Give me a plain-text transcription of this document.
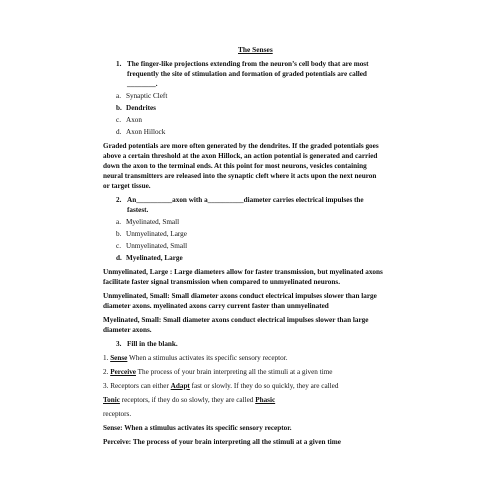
The Senses
1. The finger-like projections extending from the neuron’s cell body that are most
frequently the site of stimulation and formation of graded potentials are called
________.
a. Synaptic Cleft
b. Dendrites
c. Axon
d. Axon Hillock
Graded potentials are more often generated by the dendrites. If the graded potentials goes
above a certain threshold at the axon Hillock, an action potential is generated and carried
down the axon to the terminal ends. At this point for most neurons, vesicles containing
neural transmitters are released into the synaptic cleft where it acts upon the next neuron
or target tissue.
2. An__________axon with a__________diameter carries electrical impulses the
fastest.
a. Myelinated, Small
b. Unmyelinated, Large
c. Unmyelinated, Small
d. Myelinated, Large
Unmyelinated, Large : Large diameters allow for faster transmission, but myelinated axons
facilitate faster signal transmission when compared to unmyelinated neurons.
Unmyelinated, Small: Small diameter axons conduct electrical impulses slower than large
diameter axons. myelinated axons carry current faster than unmyelinated
Myelinated, Small: Small diameter axons conduct electrical impulses slower than large
diameter axons.
3. Fill in the blank.
1. Sense When a stimulus activates its specific sensory receptor.
2. Perceive The process of your brain interpreting all the stimuli at a given time
3. Receptors can either Adapt fast or slowly. If they do so quickly, they are called
Tonic receptors, if they do so slowly, they are called Phasic
receptors.
Sense: When a stimulus activates its specific sensory receptor.
Perceive: The process of your brain interpreting all the stimuli at a given time
